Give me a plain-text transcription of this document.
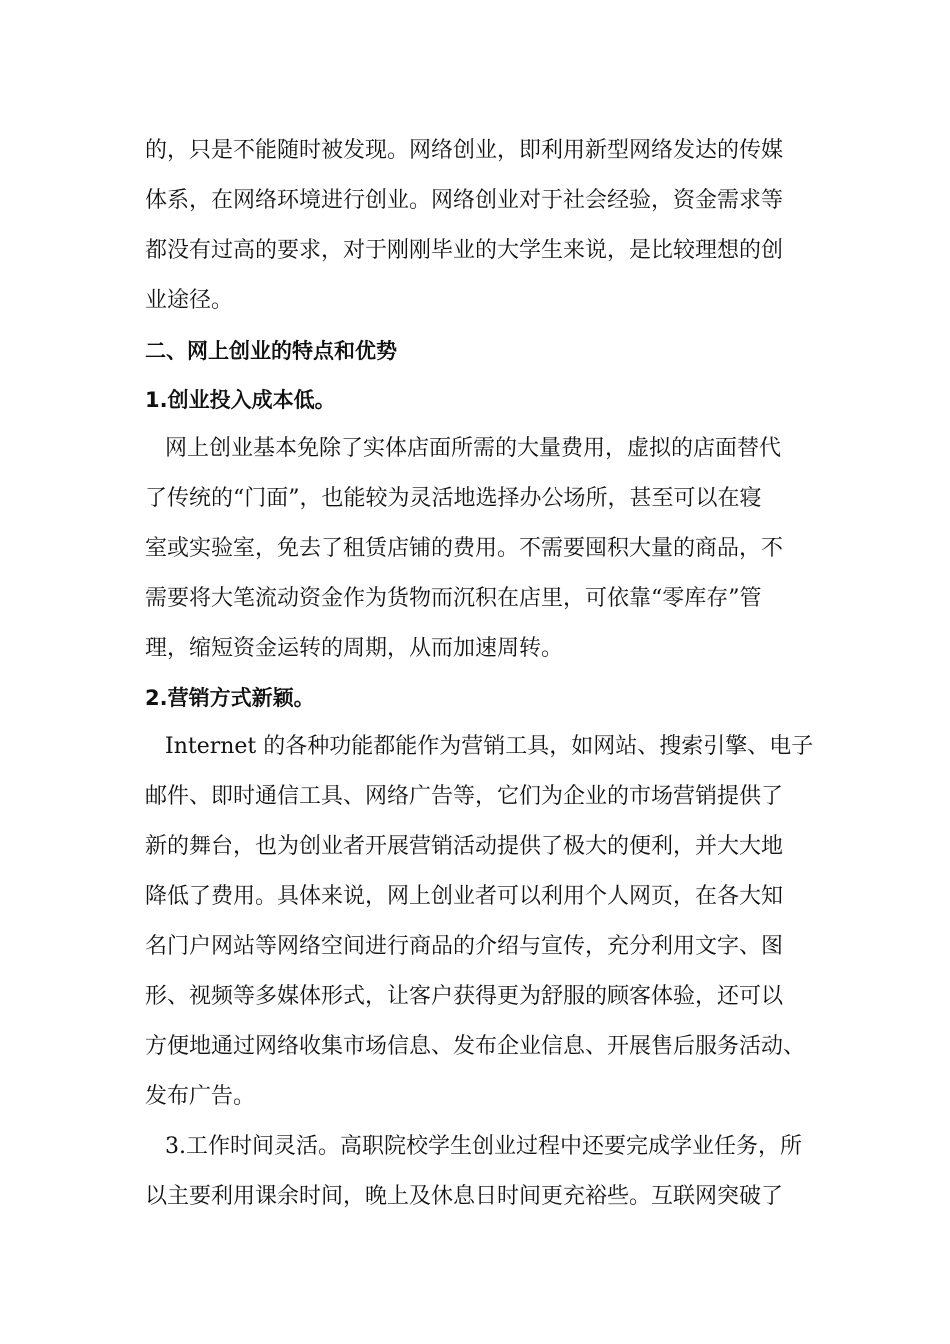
的，只是不能随时被发现。网络创业，即利用新型网络发达的传媒
体系，在网络环境进行创业。网络创业对于社会经验，资金需求等
都没有过高的要求，对于刚刚毕业的大学生来说，是比较理想的创
业途径。
二、网上创业的特点和优势
1.创业投入成本低。
网上创业基本免除了实体店面所需的大量费用，虚拟的店面替代
了传统的“门面”，也能较为灵活地选择办公场所，甚至可以在寝
室或实验室，免去了租赁店铺的费用。不需要囤积大量的商品，不
需要将大笔流动资金作为货物而沉积在店里，可依靠“零库存”管
理，缩短资金运转的周期，从而加速周转。
2.营销方式新颖。
Internet 的各种功能都能作为营销工具，如网站、搜索引擎、电子
邮件、即时通信工具、网络广告等，它们为企业的市场营销提供了
新的舞台，也为创业者开展营销活动提供了极大的便利，并大大地
降低了费用。具体来说，网上创业者可以利用个人网页，在各大知
名门户网站等网络空间进行商品的介绍与宣传，充分利用文字、图
形、视频等多媒体形式，让客户获得更为舒服的顾客体验，还可以
方便地通过网络收集市场信息、发布企业信息、开展售后服务活动、
发布广告。
3.工作时间灵活。高职院校学生创业过程中还要完成学业任务，所
以主要利用课余时间，晚上及休息日时间更充裕些。互联网突破了
